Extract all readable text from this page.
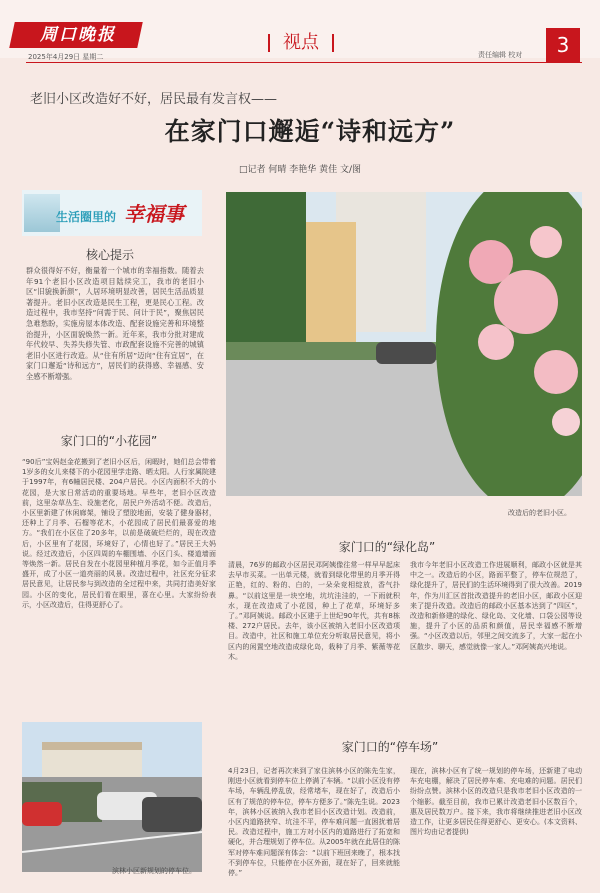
周口晚报
2025年4月29日 星期二
视点
责任编辑 校对	3
老旧小区改造好不好，居民最有发言权——
在家门口邂逅“诗和远方”
□记者 何晴 李艳华 黄佳 文/图
生活圈里的 幸福事
核心提示
群众很得好不好，衡量着一个城市的幸福指数。随着去年91个老旧小区改造项目陆续完工，我市的老旧小区“旧貌换新颜”，人居环境明显改善，居民生活品质显著提升。老旧小区改造是民生工程，更是民心工程。改造过程中，我市坚持“问需于民、问计于民”，聚焦居民急难愁盼，实施房屋本体改造、配套设施完善和环境整治提升，小区面貌焕然一新。近年来，我市分批对建成年代较早、失养失修失管、市政配套设施不完善的城镇老旧小区进行改造。从“住有所居”迈向“住有宜居”，在家门口邂逅“诗和远方”，居民们的获得感、幸福感、安全感不断增强。
家门口的“小花园”
“90后”宝妈赵金花搬到了老旧小区后，闲暇时，她们总会带着1岁多的女儿来楼下的小花园里学走路、晒太阳。人行家属院建于1997年，有6幢居民楼、204户居民。小区内面积不大的小花园，是大家日常活动的重要场地。早些年，老旧小区改造前，这里杂草丛生、设施老化，居民户外活动不便。改造后，小区里新建了休闲廊架，铺设了塑胶地面，安装了健身器材，还种上了月季、石榴等花木，小花园成了居民们最喜爱的地方。“我们在小区住了20多年，以前是破破烂烂的，现在改造后，小区里有了花园，环境好了，心情也好了。”居民王大妈说。经过改造后，小区四周的车棚围墙、小区门头、楼道墙面等焕然一新。居民自发在小花园里种植月季花，如今正值月季盛开，成了小区一道亮丽的风景。改造过程中，社区充分征求居民意见，让居民参与到改造的全过程中来，共同打造美好家园。小区的变化，居民们看在眼里，喜在心里。大家纷纷表示，小区改造后，住得更舒心了。
滨林小区新规划的停车位。
改造后的老旧小区。
家门口的“绿化岛”
清晨，76岁的邮政小区居民邓阿姨像往常一样早早起床去早市买菜。一出单元楼，就看到绿化带里的月季开得正艳，红的、粉的、白的，一朵朵竞相绽放，香气扑鼻。“以前这里是一块空地，坑坑洼洼的，一下雨就积水，现在改造成了小花园，种上了花草，环境好多了。”邓阿姨说。邮政小区建于上世纪90年代，共有8栋楼、272户居民。去年，该小区被纳入老旧小区改造项目。改造中，社区和施工单位充分听取居民意见，将小区内的闲置空地改造成绿化岛，栽种了月季、紫薇等花木。
我市今年老旧小区改造工作进展顺利，邮政小区就是其中之一。改造后的小区，路面平整了，停车位规范了，绿化提升了，居民们的生活环境得到了很大改善。2019年，作为川汇区首批改造提升的老旧小区，邮政小区迎来了提升改造。改造后的邮政小区基本达到了“四区”，改造和新修建的绿化、绿化岛、文化墙、口袋公园等设施，提升了小区的品质和颜值，居民幸福感不断增强。“小区改造以后，邻里之间交流多了，大家一起在小区散步、聊天，感觉就像一家人。”邓阿姨高兴地说。
家门口的“停车场”
4月23日，记者再次来到了家住滨林小区的陈先生家，刚进小区就看到停车位上停满了车辆。“以前小区没有停车场，车辆乱停乱放，经常堵车，现在好了，改造后小区有了规范的停车位，停车方便多了。”陈先生说。2023年，滨林小区被纳入我市老旧小区改造计划。改造前，小区内道路狭窄、坑洼不平，停车难问题一直困扰着居民。改造过程中，施工方对小区内的道路进行了拓宽和硬化，并合理规划了停车位。从2005年就在此居住的陈军对停车难问题深有体会：“以前下班回来晚了，根本找不到停车位，只能停在小区外面，现在好了，回来就能停。”
现在，滨林小区有了统一规划的停车场，还新建了电动车充电棚，解决了居民停车难、充电难的问题。居民们纷纷点赞。滨林小区的改造只是我市老旧小区改造的一个缩影。截至目前，我市已累计改造老旧小区数百个，惠及居民数万户。接下来，我市将继续推进老旧小区改造工作，让更多居民住得更舒心、更安心。(本文资料、图片均由记者提供)
